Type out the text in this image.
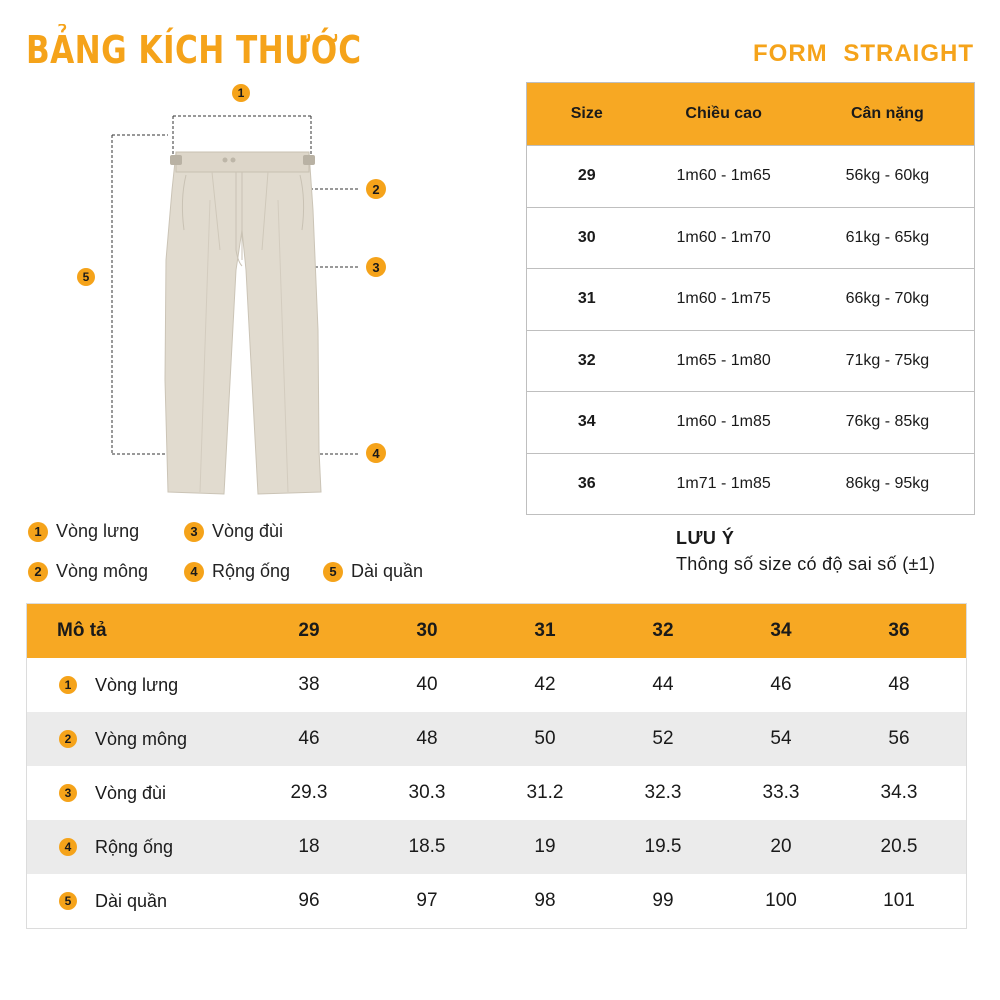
BẢNG KÍCH THƯỚC	FORM STRAIGHT
1
2
3
4
5
1 Vòng lưng	3 Vòng đùi
2 Vòng mông	4 Rộng ống	5 Dài quần
Size	Chiều cao	Cân nặng
29	1m60 - 1m65	56kg - 60kg
30	1m60 - 1m70	61kg - 65kg
31	1m60 - 1m75	66kg - 70kg
32	1m65 - 1m80	71kg - 75kg
34	1m60 - 1m85	76kg - 85kg
36	1m71 - 1m85	86kg - 95kg
LƯU Ý
Thông số size có độ sai số (±1)
Mô tả	29	30	31	32	34	36
1	Vòng lưng	38	40	42	44	46	48
2	Vòng mông	46	48	50	52	54	56
3	Vòng đùi	29.3	30.3	31.2	32.3	33.3	34.3
4	Rộng ống	18	18.5	19	19.5	20	20.5
5	Dài quần	96	97	98	99	100	101
